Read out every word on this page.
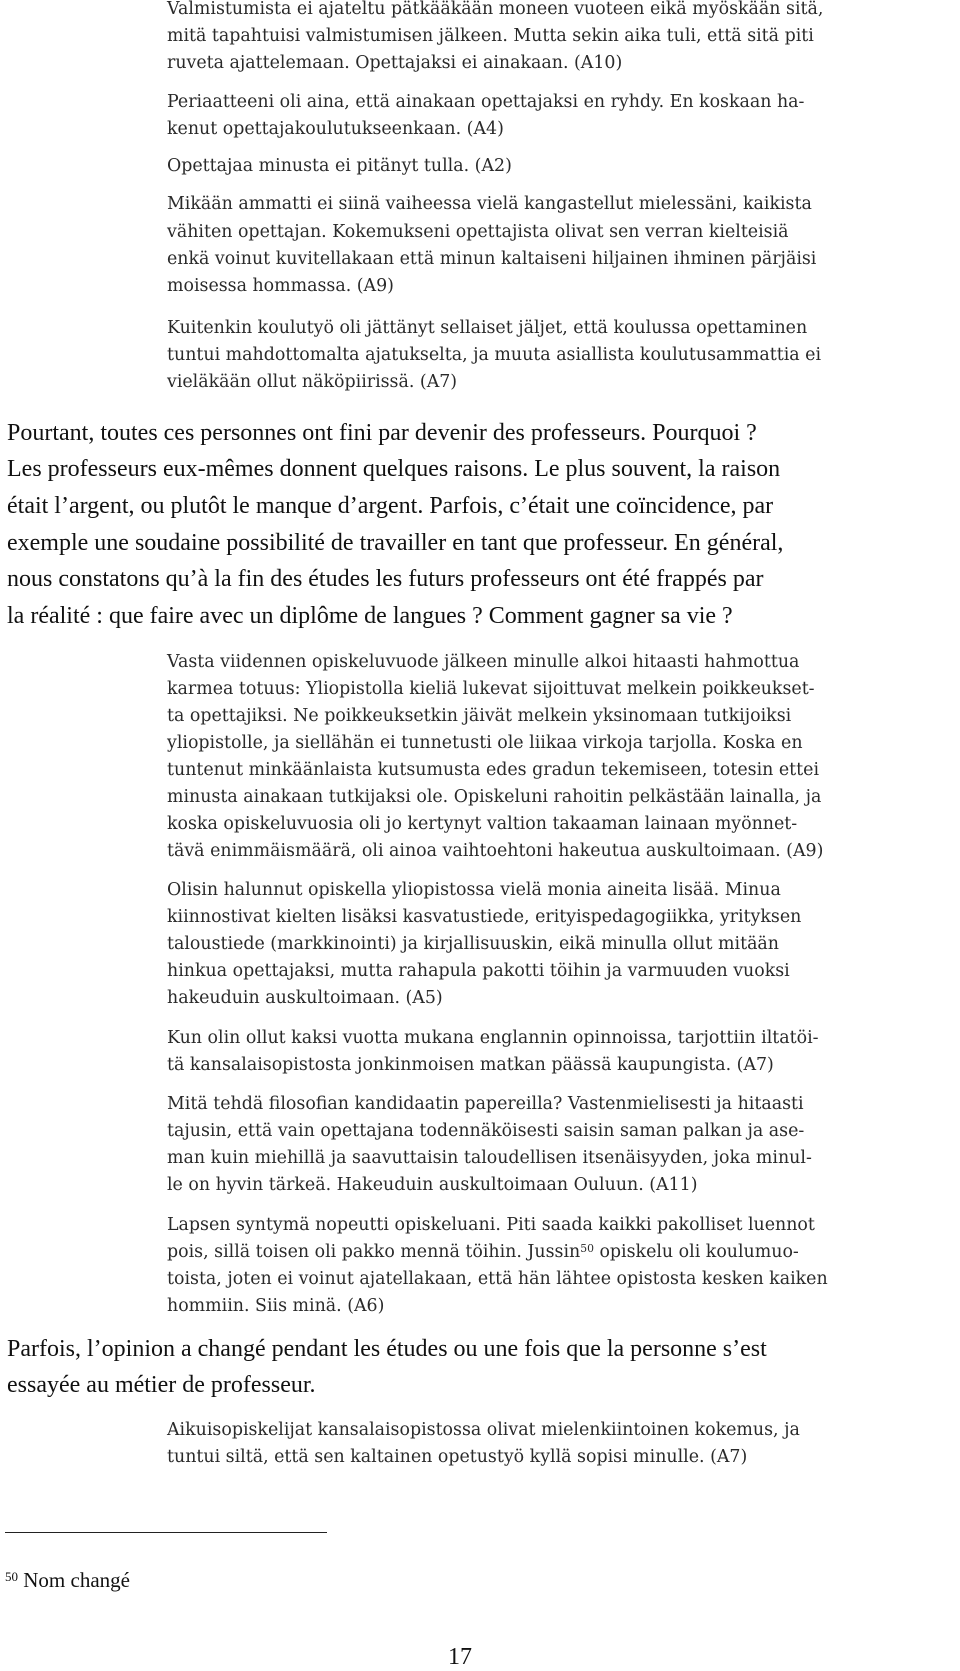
Valmistumista ei ajateltu pätkääkään moneen vuoteen eikä myöskään sitä,
mitä tapahtuisi valmistumisen jälkeen. Mutta sekin aika tuli, että sitä piti
ruveta ajattelemaan. Opettajaksi ei ainakaan. (A10)
Periaatteeni oli aina, että ainakaan opettajaksi en ryhdy. En koskaan ha-
kenut opettajakoulutukseenkaan. (A4)
Opettajaa minusta ei pitänyt tulla. (A2)
Mikään ammatti ei siinä vaiheessa vielä kangastellut mielessäni, kaikista
vähiten opettajan. Kokemukseni opettajista olivat sen verran kielteisiä
enkä voinut kuvitellakaan että minun kaltaiseni hiljainen ihminen pärjäisi
moisessa hommassa. (A9)
Kuitenkin koulutyö oli jättänyt sellaiset jäljet, että koulussa opettaminen
tuntui mahdottomalta ajatukselta, ja muuta asiallista koulutusammattia ei
vieläkään ollut näköpiirissä. (A7)
Pourtant, toutes ces personnes ont fini par devenir des professeurs. Pourquoi ?
Les professeurs eux-mêmes donnent quelques raisons. Le plus souvent, la raison
était l’argent, ou plutôt le manque d’argent. Parfois, c’était une coïncidence, par
exemple une soudaine possibilité de travailler en tant que professeur. En général,
nous constatons qu’à la fin des études les futurs professeurs ont été frappés par
la réalité : que faire avec un diplôme de langues ? Comment gagner sa vie ?
Vasta viidennen opiskeluvuode jälkeen minulle alkoi hitaasti hahmottua
karmea totuus: Yliopistolla kieliä lukevat sijoittuvat melkein poikkeukset-
ta opettajiksi. Ne poikkeuksetkin jäivät melkein yksinomaan tutkijoiksi
yliopistolle, ja siellähän ei tunnetusti ole liikaa virkoja tarjolla. Koska en
tuntenut minkäänlaista kutsumusta edes gradun tekemiseen, totesin ettei
minusta ainakaan tutkijaksi ole. Opiskeluni rahoitin pelkästään lainalla, ja
koska opiskeluvuosia oli jo kertynyt valtion takaaman lainaan myönnet-
tävä enimmäismäärä, oli ainoa vaihtoehtoni hakeutua auskultoimaan. (A9)
Olisin halunnut opiskella yliopistossa vielä monia aineita lisää. Minua
kiinnostivat kielten lisäksi kasvatustiede, erityispedagogiikka, yrityksen
taloustiede (markkinointi) ja kirjallisuuskin, eikä minulla ollut mitään
hinkua opettajaksi, mutta rahapula pakotti töihin ja varmuuden vuoksi
hakeuduin auskultoimaan. (A5)
Kun olin ollut kaksi vuotta mukana englannin opinnoissa, tarjottiin iltatöi-
tä kansalaisopistosta jonkinmoisen matkan päässä kaupungista. (A7)
Mitä tehdä filosofian kandidaatin papereilla? Vastenmielisesti ja hitaasti
tajusin, että vain opettajana todennäköisesti saisin saman palkan ja ase-
man kuin miehillä ja saavuttaisin taloudellisen itsenäisyyden, joka minul-
le on hyvin tärkeä. Hakeuduin auskultoimaan Ouluun. (A11)
Lapsen syntymä nopeutti opiskeluani. Piti saada kaikki pakolliset luennot
pois, sillä toisen oli pakko mennä töihin. Jussin$^{50}$ opiskelu oli koulumuo-
toista, joten ei voinut ajatellakaan, että hän lähtee opistosta kesken kaiken
hommiin. Siis minä. (A6)
Parfois, l’opinion a changé pendant les études ou une fois que la personne s’est
essayée au métier de professeur.
Aikuisopiskelijat kansalaisopistossa olivat mielenkiintoinen kokemus, ja
tuntui siltä, että sen kaltainen opetustyö kyllä sopisi minulle. (A7)
$^{50}$ Nom changé
17
